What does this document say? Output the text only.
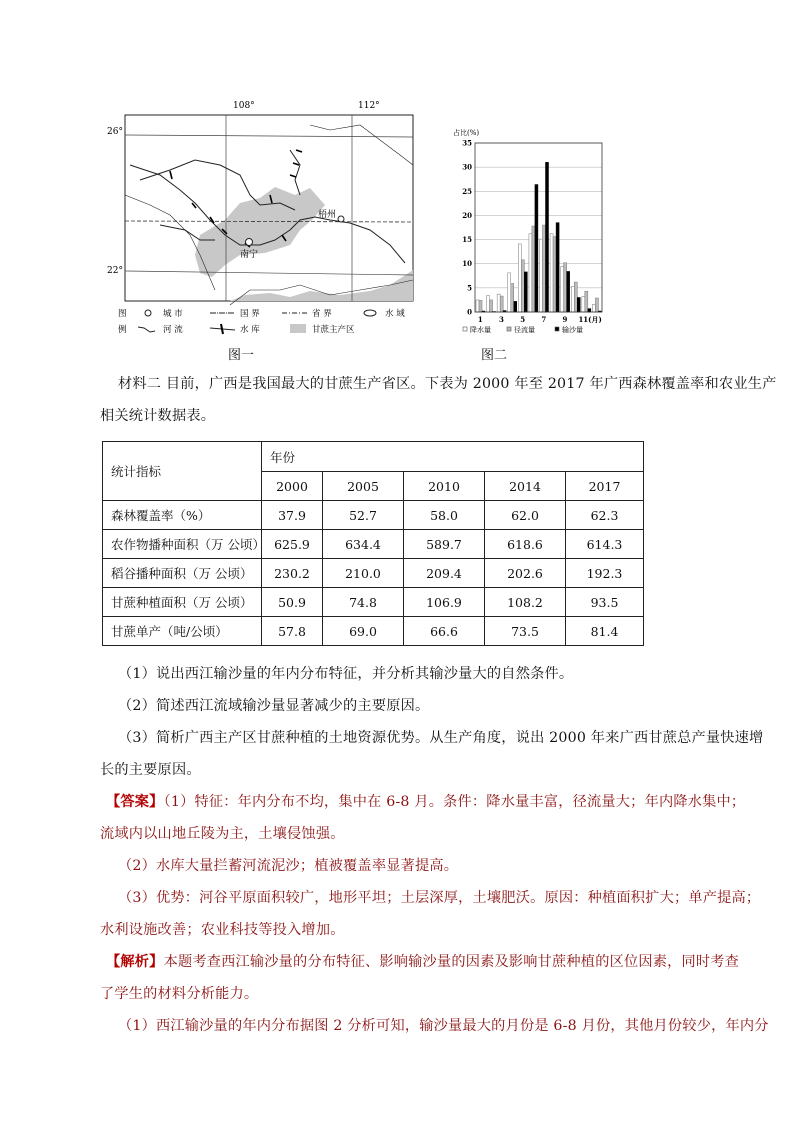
108°	112°
26°
22°
南宁
梧州
图
例
城 市	国 界	省 界	水 域
河 流	水 库	甘蔗主产区
图一
占比(%)
0
5
10
15
20
25
30
35
1 3 5 7 9 11(月)
降水量	径流量	输沙量
图二
材料二 目前，广西是我国最大的甘蔗生产省区。下表为 2000 年至 2017 年广西森林覆盖率和农业生产
相关统计数据表。
统计指标	年份				
	2000	2005	2010	2014	2017
森林覆盖率（%）	37.9	52.7	58.0	62.0	62.3
农作物播种面积（万 公顷）	625.9	634.4	589.7	618.6	614.3
稻谷播种面积（万 公顷）	230.2	210.0	209.4	202.6	192.3
甘蔗种植面积（万 公顷）	50.9	74.8	106.9	108.2	93.5
甘蔗单产（吨/公顷）	57.8	69.0	66.6	73.5	81.4
（1）说出西江输沙量的年内分布特征，并分析其输沙量大的自然条件。
（2）简述西江流域输沙量显著减少的主要原因。
（3）简析广西主产区甘蔗种植的土地资源优势。从生产角度，说出 2000 年来广西甘蔗总产量快速增
长的主要原因。
【答案】（1）特征：年内分布不均，集中在 6-8 月。条件：降水量丰富，径流量大；年内降水集中；
流域内以山地丘陵为主，土壤侵蚀强。
（2）水库大量拦蓄河流泥沙；植被覆盖率显著提高。
（3）优势：河谷平原面积较广，地形平坦；土层深厚，土壤肥沃。原因：种植面积扩大；单产提高；
水利设施改善；农业科技等投入增加。
【解析】本题考查西江输沙量的分布特征、影响输沙量的因素及影响甘蔗种植的区位因素，同时考查
了学生的材料分析能力。
（1）西江输沙量的年内分布据图 2 分析可知，输沙量最大的月份是 6-8 月份，其他月份较少，年内分
